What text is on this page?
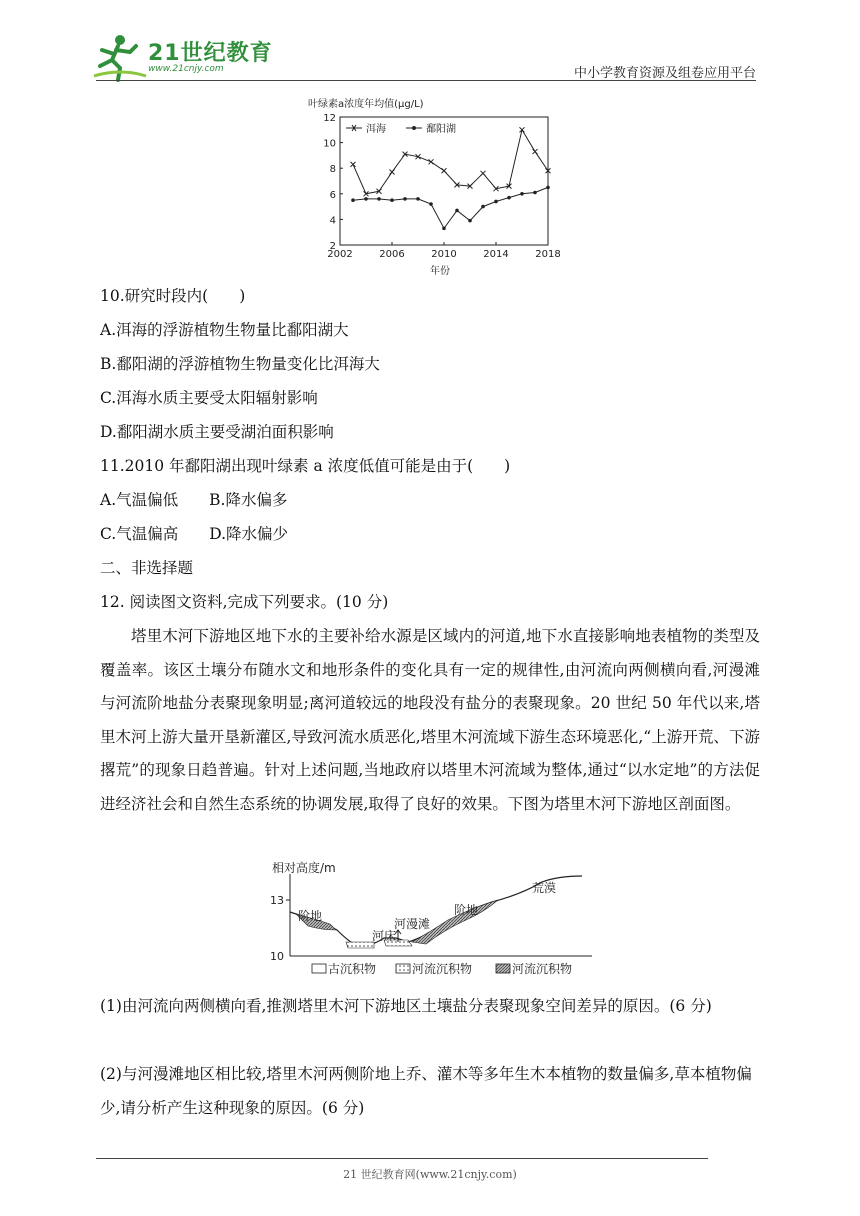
21世纪教育
www.21cnjy.com	中小学教育资源及组卷应用平台
叶绿素a浓度年均值(μg/L)
2
4
6
8
10
12
2002	2006	2010	2014	2018
洱海	鄱阳湖
年份
10.研究时段内(　　)
A.洱海的浮游植物生物量比鄱阳湖大
B.鄱阳湖的浮游植物生物量变化比洱海大
C.洱海水质主要受太阳辐射影响
D.鄱阳湖水质主要受湖泊面积影响
11.2010 年鄱阳湖出现叶绿素 a 浓度低值可能是由于(　　)
A.气温偏低　　B.降水偏多
C.气温偏高　　D.降水偏少
二、非选择题
12. 阅读图文资料,完成下列要求。(10 分)

塔里木河下游地区地下水的主要补给水源是区域内的河道,地下水直接影响地表植物的类型及覆盖率。该区土壤分布随水文和地形条件的变化具有一定的规律性,由河流向两侧横向看,河漫滩与河流阶地盐分表聚现象明显;离河道较远的地段没有盐分的表聚现象。20 世纪 50 年代以来,塔里木河上游大量开垦新灌区,导致河流水质恶化,塔里木河流域下游生态环境恶化,“上游开荒、下游撂荒”的现象日趋普遍。针对上述问题,当地政府以塔里木河流域为整体,通过“以水定地”的方法促进经济社会和自然生态系统的协调发展,取得了良好的效果。下图为塔里木河下游地区剖面图。

相对高度/m
13
10
荒漠
阶地	阶地
河漫滩
河床
古沉积物	河流沉积物	河流沉积物
(1)由河流向两侧横向看,推测塔里木河下游地区土壤盐分表聚现象空间差异的原因。(6 分)
(2)与河漫滩地区相比较,塔里木河两侧阶地上乔、灌木等多年生木本植物的数量偏多,草本植物偏少,请分析产生这种现象的原因。(6 分)
21 世纪教育网(www.21cnjy.com)
